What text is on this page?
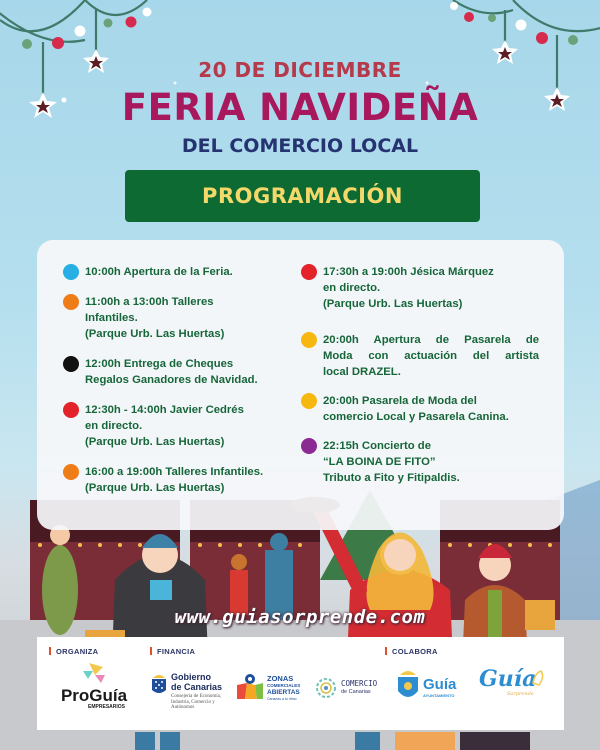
20 DE DICIEMBRE
FERIA NAVIDEÑA
DEL COMERCIO LOCAL
PROGRAMACIÓN
10:00h Apertura de la Feria.
11:00h a 13:00h Talleres
Infantiles.
(Parque Urb. Las Huertas)
12:00h Entrega de Cheques
Regalos Ganadores de Navidad.
12:30h - 14:00h Javier Cedrés
en directo.
(Parque Urb. Las Huertas)
16:00 a 19:00h Talleres Infantiles.
(Parque Urb. Las Huertas)
17:30h a 19:00h Jésica Márquez
en directo.
(Parque Urb. Las Huertas)
20:00h Apertura de Pasarela de
Moda con actuación del artista
local DRAZEL.
20:00h Pasarela de Moda del
comercio Local y Pasarela Canina.
22:15h Concierto de
“LA BOINA DE FITO”
Tributo a Fito y Fitipaldis.
www.guiasorprende.com
ORGANIZA	FINANCIA	COLABORA
ProGuía
EMPRESARIOS
Gobierno
de Canarias
Consejería de Economía,
Industria, Comercio y
Autónomos
ZONAS
COMERCIALES
ABIERTAS
Canarias a tu ritmo
COMERCIO
de Canarias	Guía
AYUNTAMIENTO
Guía
Sorprende
